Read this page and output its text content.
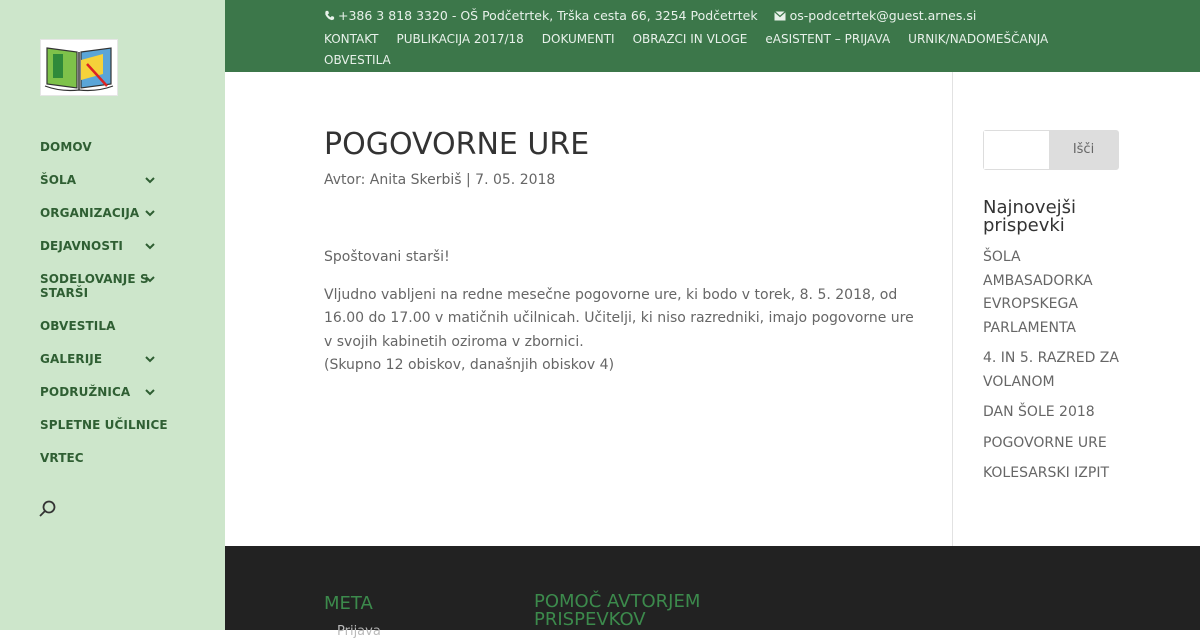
DOMOV
ŠOLA
ORGANIZACIJA
DEJAVNOSTI
SODELOVANJE S STARŠI
OBVESTILA
GALERIJE
PODRUŽNICA
SPLETNE UČILNICE
VRTEC
+386 3 818 3320 - OŠ Podčetrtek, Trška cesta 66, 3254 Podčetrtek	os-podcetrtek@guest.arnes.si
KONTAKT PUBLIKACIJA 2017/18 DOKUMENTI OBRAZCI IN VLOGE eASISTENT – PRIJAVA URNIK/NADOMEŠČANJAOBVESTILA
POGOVORNE URE
Avtor: Anita Skerbiš | 7. 05. 2018

Spoštovani starši!

Vljudno vabljeni na redne mesečne pogovorne ure, ki bodo v torek, 8. 5. 2018, od 16.00 do 17.00 v matičnih učilnicah. Učitelji, ki niso razredniki, imajo pogovorne ure v svojih kabinetih oziroma v zbornici.

(Skupno 12 obiskov, današnjih obiskov 4)

Išči
Najnovejši prispevki
ŠOLA AMBASADORKA EVROPSKEGA PARLAMENTA
4. IN 5. RAZRED ZA VOLANOM
DAN ŠOLE 2018
POGOVORNE URE
KOLESARSKI IZPIT
META
Prijava
POMOČ AVTORJEM PRISPEVKOV
